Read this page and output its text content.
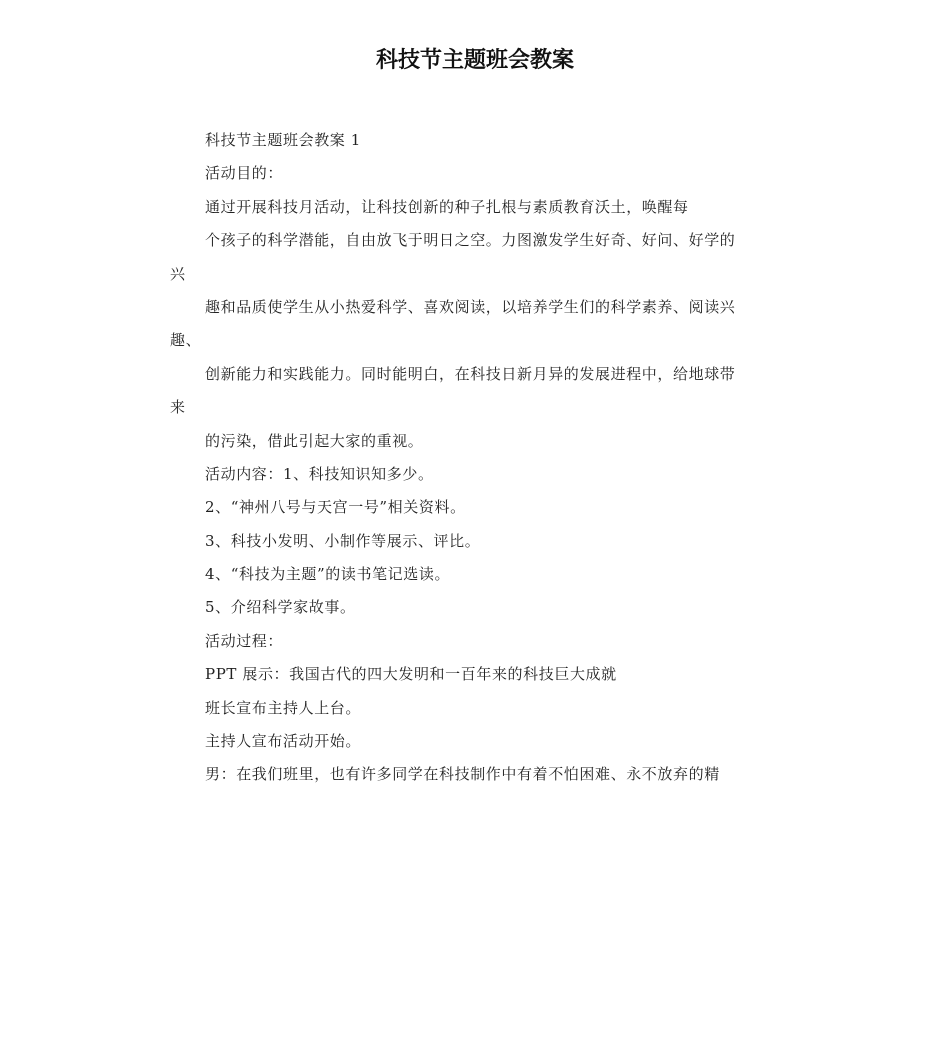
科技节主题班会教案
科技节主题班会教案 1
活动目的：
通过开展科技月活动，让科技创新的种子扎根与素质教育沃土，唤醒每
个孩子的科学潜能，自由放飞于明日之空。力图激发学生好奇、好问、好学的
兴
趣和品质使学生从小热爱科学、喜欢阅读，以培养学生们的科学素养、阅读兴
趣、
创新能力和实践能力。同时能明白，在科技日新月异的发展进程中，给地球带
来
的污染，借此引起大家的重视。
活动内容：1、科技知识知多少。
2、“神州八号与天宫一号”相关资料。
3、科技小发明、小制作等展示、评比。
4、“科技为主题”的读书笔记选读。
5、介绍科学家故事。
活动过程：
PPT 展示：我国古代的四大发明和一百年来的科技巨大成就
班长宣布主持人上台。
主持人宣布活动开始。
男：在我们班里，也有许多同学在科技制作中有着不怕困难、永不放弃的精
